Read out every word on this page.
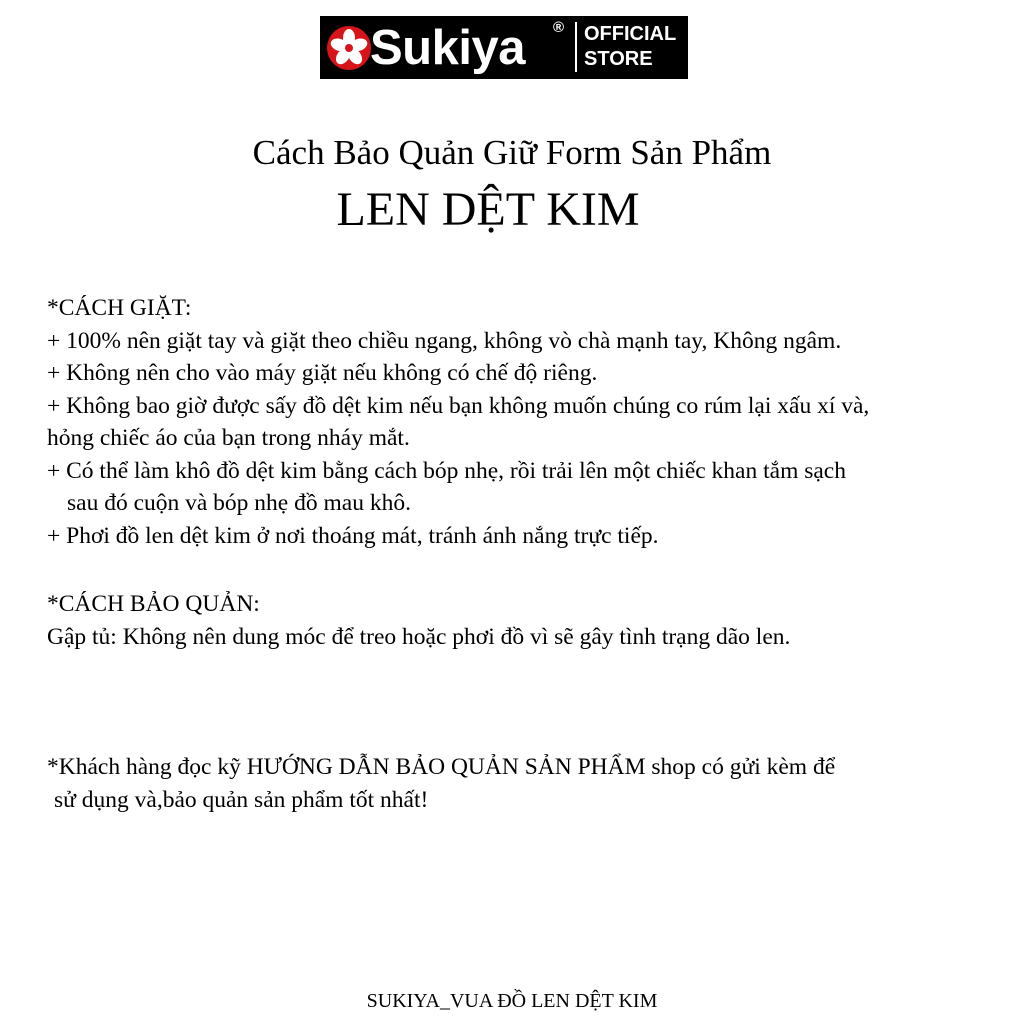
Sukiya ® OFFICIAL
STORE
Cách Bảo Quản Giữ Form Sản Phẩm
LEN DỆT KIM
*CÁCH GIẶT:
+ 100% nên giặt tay và giặt theo chiều ngang, không vò chà mạnh tay, Không ngâm.
+ Không nên cho vào máy giặt nếu không có chế độ riêng.
+ Không bao giờ được sấy đồ dệt kim nếu bạn không muốn chúng co rúm lại xấu xí và,
hỏng chiếc áo của bạn trong nháy mắt.
+ Có thể làm khô đồ dệt kim bằng cách bóp nhẹ, rồi trải lên một chiếc khan tắm sạch
sau đó cuộn và bóp nhẹ đồ mau khô.
+ Phơi đồ len dệt kim ở nơi thoáng mát, tránh ánh nắng trực tiếp.
*CÁCH BẢO QUẢN:
Gập tủ: Không nên dung móc để treo hoặc phơi đồ vì sẽ gây tình trạng dão len.
*Khách hàng đọc kỹ HƯỚNG DẪN BẢO QUẢN SẢN PHẨM shop có gửi kèm để
sử dụng và,bảo quản sản phẩm tốt nhất!
SUKIYA_VUA ĐỒ LEN DỆT KIM
